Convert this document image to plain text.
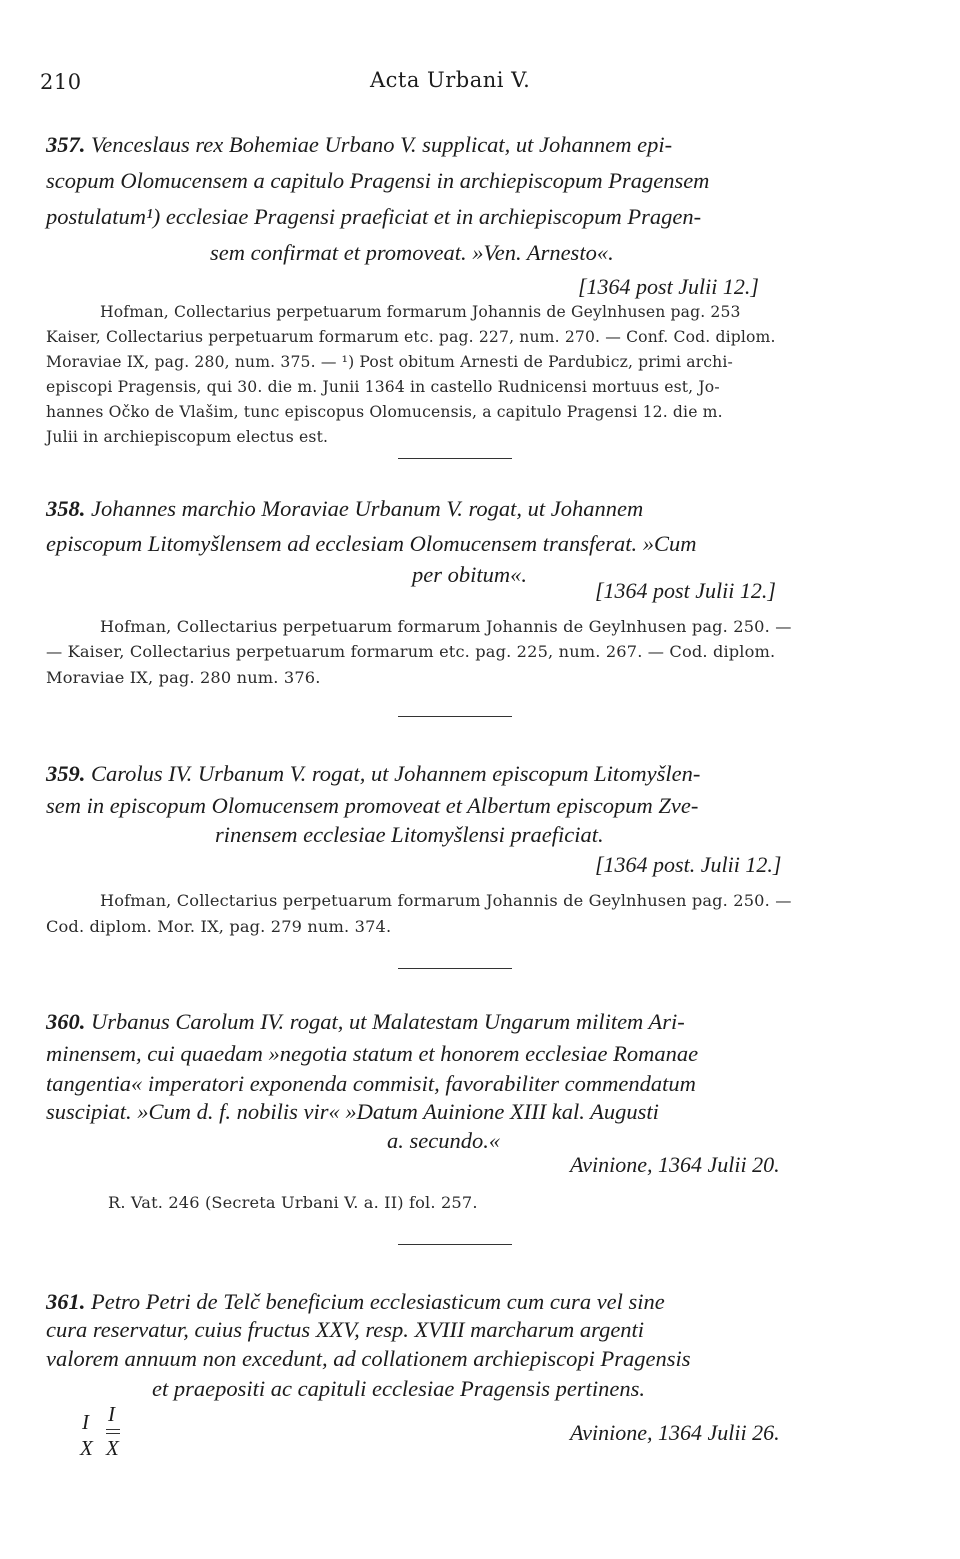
210	Acta Urbani V.
357. Venceslaus rex Bohemiae Urbano V. supplicat, ut Johannem epi-
scopum Olomucensem a capitulo Pragensi in archiepiscopum Pragensem
postulatum¹) ecclesiae Pragensi praeficiat et in archiepiscopum Pragen-
sem confirmat et promoveat. »Ven. Arnesto«.
[1364 post Julii 12.]
Hofman, Collectarius perpetuarum formarum Johannis de Geylnhusen pag. 253
Kaiser, Collectarius perpetuarum formarum etc. pag. 227, num. 270. — Conf. Cod. diplom.
Moraviae IX, pag. 280, num. 375. — ¹) Post obitum Arnesti de Pardubicz, primi archi-
episcopi Pragensis, qui 30. die m. Junii 1364 in castello Rudnicensi mortuus est, Jo-
hannes Očko de Vlašim, tunc episcopus Olomucensis, a capitulo Pragensi 12. die m.
Julii in archiepiscopum electus est.
358. Johannes marchio Moraviae Urbanum V. rogat, ut Johannem
episcopum Litomyšlensem ad ecclesiam Olomucensem transferat. »Cum
per obitum«.
[1364 post Julii 12.]
Hofman, Collectarius perpetuarum formarum Johannis de Geylnhusen pag. 250. —
— Kaiser, Collectarius perpetuarum formarum etc. pag. 225, num. 267. — Cod. diplom.
Moraviae IX, pag. 280 num. 376.
359. Carolus IV. Urbanum V. rogat, ut Johannem episcopum Litomyšlen-
sem in episcopum Olomucensem promoveat et Albertum episcopum Zve-
rinensem ecclesiae Litomyšlensi praeficiat.
[1364 post. Julii 12.]
Hofman, Collectarius perpetuarum formarum Johannis de Geylnhusen pag. 250. —
Cod. diplom. Mor. IX, pag. 279 num. 374.
360. Urbanus Carolum IV. rogat, ut Malatestam Ungarum militem Ari-
minensem, cui quaedam »negotia statum et honorem ecclesiae Romanae
tangentia« imperatori exponenda commisit, favorabiliter commendatum
suscipiat. »Cum d. f. nobilis vir« »Datum Auinione XIII kal. Augusti
a. secundo.«
Avinione, 1364 Julii 20.
R. Vat. 246 (Secreta Urbani V. a. II) fol. 257.
361. Petro Petri de Telč beneficium ecclesiasticum cum cura vel sine
cura reservatur, cuius fructus XXV, resp. XVIII marcharum argenti
valorem annuum non excedunt, ad collationem archiepiscopi Pragensis
et praepositi ac capituli ecclesiae Pragensis pertinens.
I I
X X
Avinione, 1364 Julii 26.
